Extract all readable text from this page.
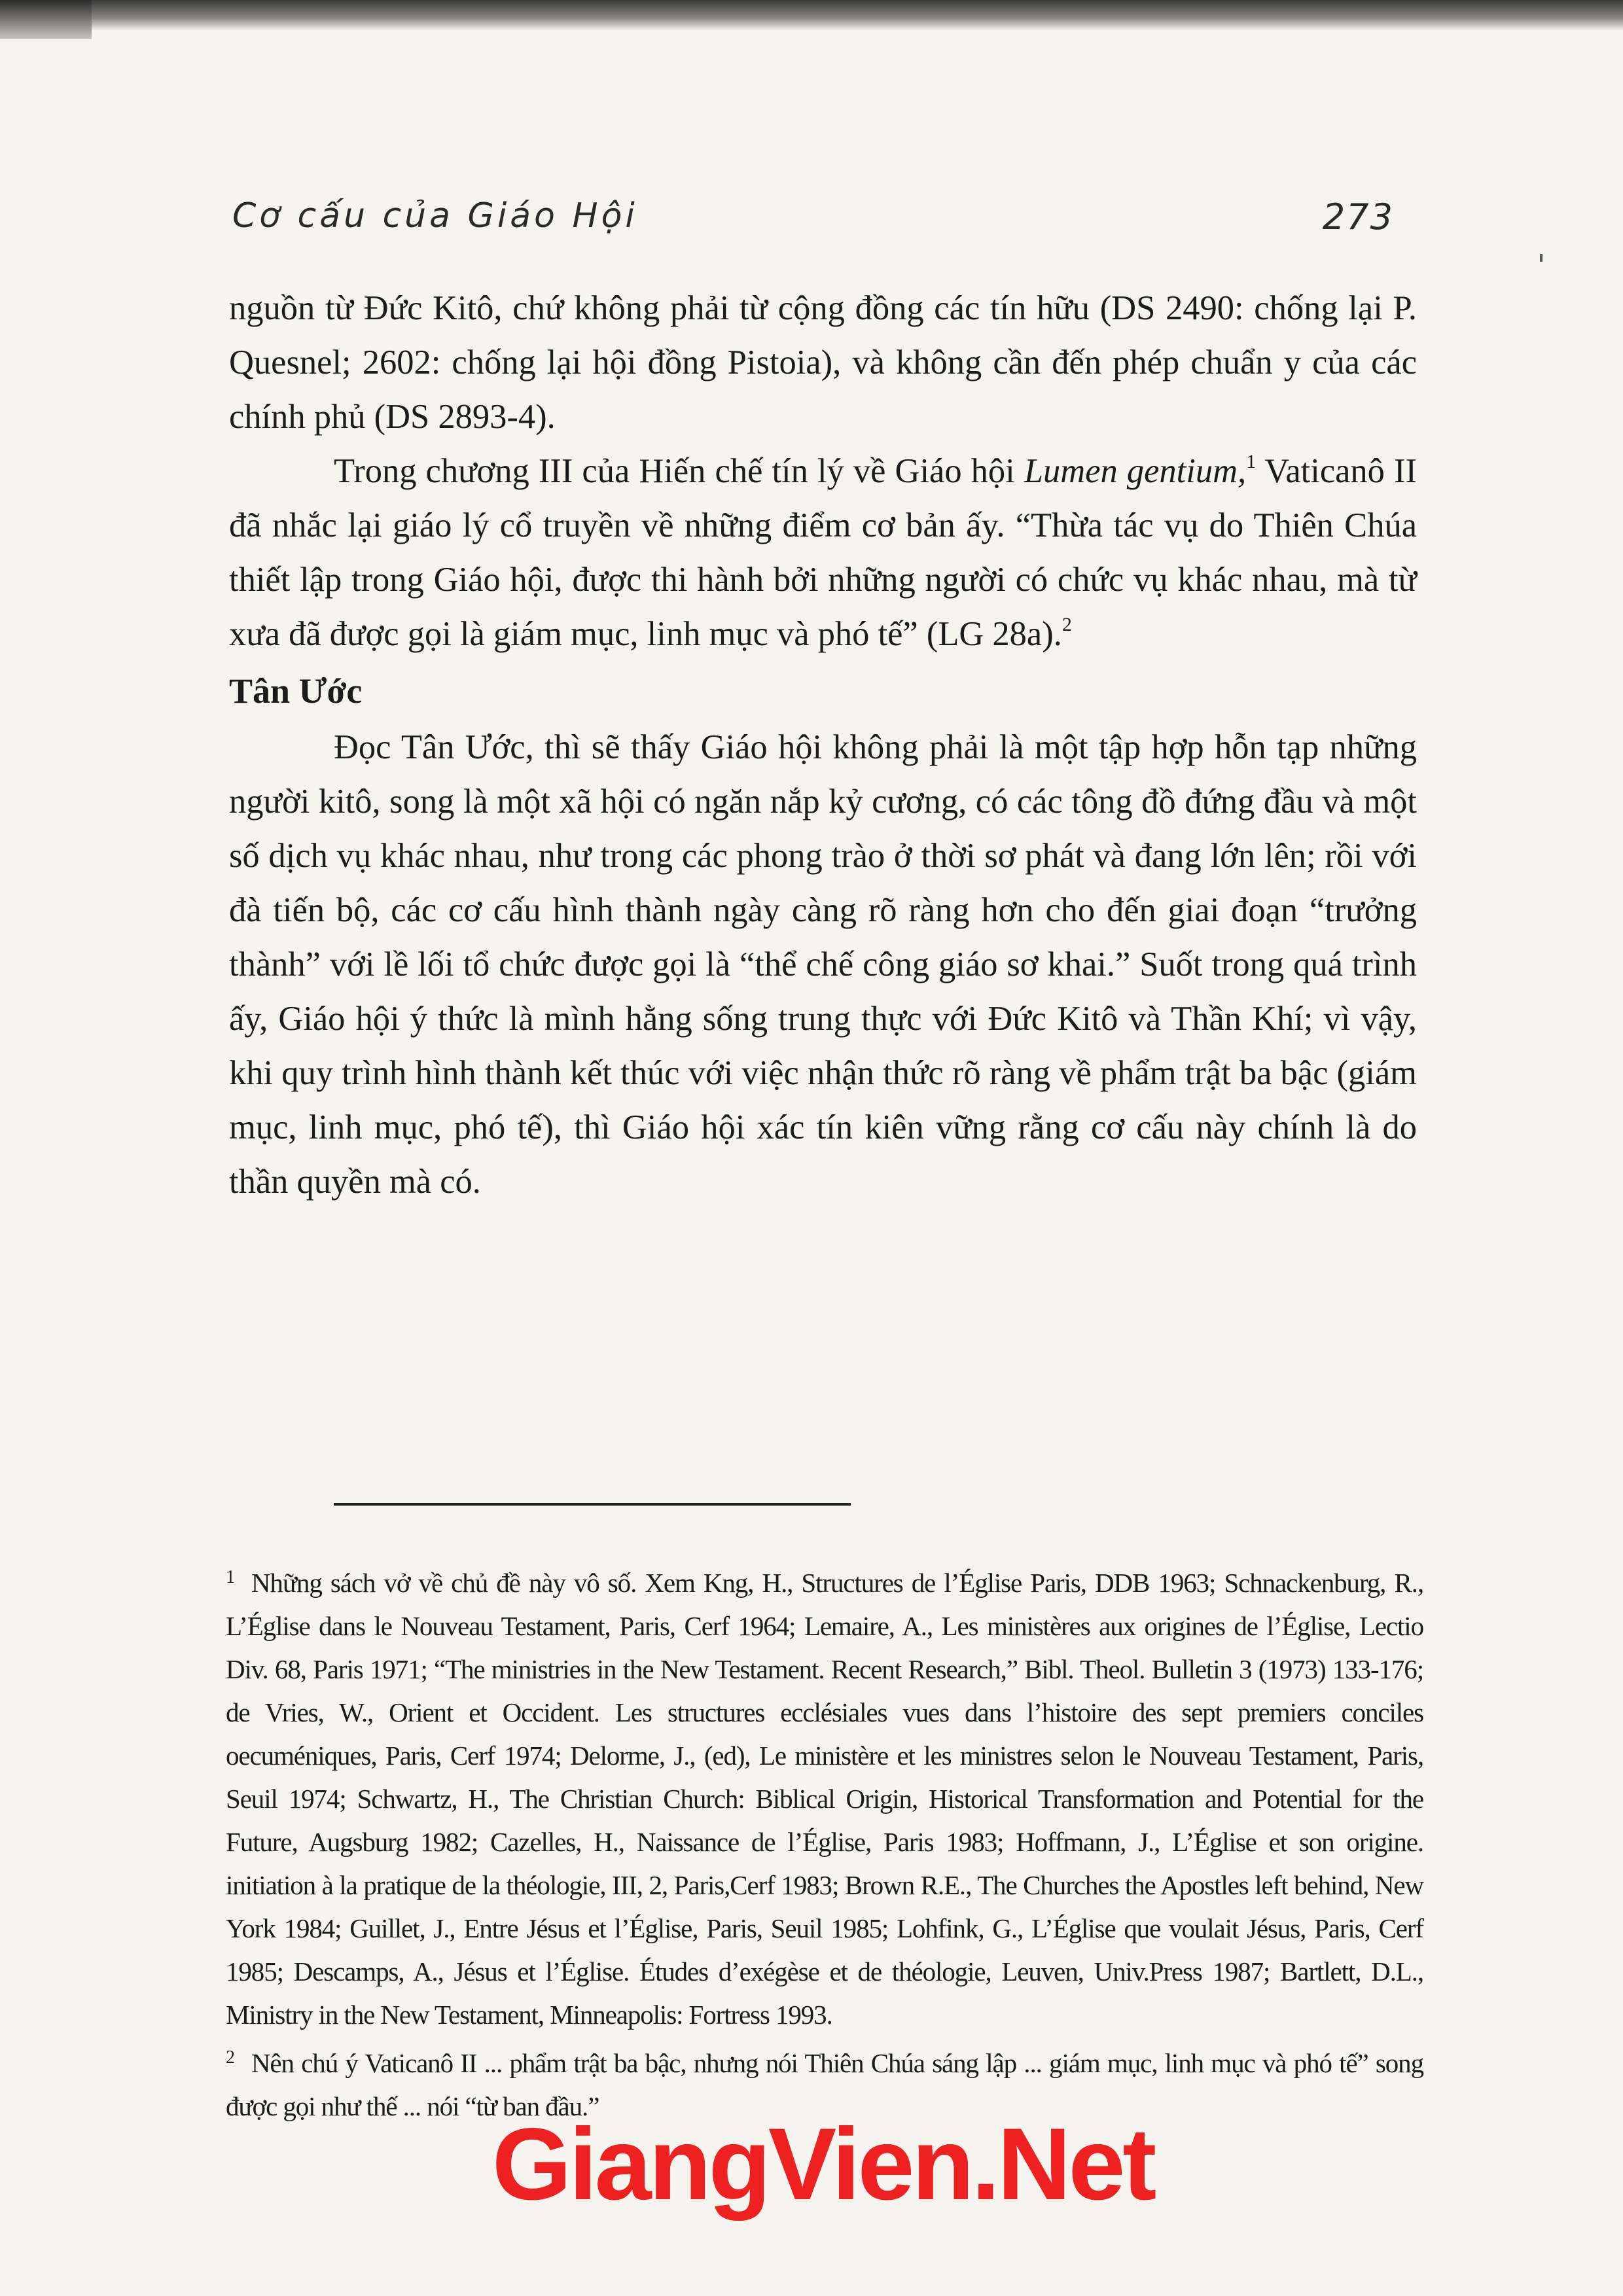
Cơ cấu của Giáo Hội	273

nguồn từ Đức Kitô, chứ không phải từ cộng đồng các tín hữu (DS 2490: chống lại P. Quesnel; 2602: chống lại hội đồng Pistoia), và không cần đến phép chuẩn y của các chính phủ (DS 2893-4).

Trong chương III của Hiến chế tín lý về Giáo hội Lumen gentium,$^1$ Vaticanô II đã nhắc lại giáo lý cổ truyền về những điểm cơ bản ấy. “Thừa tác vụ do Thiên Chúa thiết lập trong Giáo hội, được thi hành bởi những người có chức vụ khác nhau, mà từ xưa đã được gọi là giám mục, linh mục và phó tế” (LG 28a).$^2$

Tân Ước

Đọc Tân Ước, thì sẽ thấy Giáo hội không phải là một tập hợp hỗn tạp những người kitô, song là một xã hội có ngăn nắp kỷ cương, có các tông đồ đứng đầu và một số dịch vụ khác nhau, như trong các phong trào ở thời sơ phát và đang lớn lên; rồi với đà tiến bộ, các cơ cấu hình thành ngày càng rõ ràng hơn cho đến giai đoạn “trưởng thành” với lề lối tổ chức được gọi là “thể chế công giáo sơ khai.” Suốt trong quá trình ấy, Giáo hội ý thức là mình hằng sống trung thực với Đức Kitô và Thần Khí; vì vậy, khi quy trình hình thành kết thúc với việc nhận thức rõ ràng về phẩm trật ba bậc (giám mục, linh mục, phó tế), thì Giáo hội xác tín kiên vững rằng cơ cấu này chính là do thần quyền mà có.

$^1$ Những sách vở về chủ đề này vô số. Xem Kng, H., Structures de l’Église Paris, DDB 1963; Schnackenburg, R., L’Église dans le Nouveau Testament, Paris, Cerf 1964; Lemaire, A., Les ministères aux origines de l’Église, Lectio Div. 68, Paris 1971; “The ministries in the New Testament. Recent Research,” Bibl. Theol. Bulletin 3 (1973) 133-176; de Vries, W., Orient et Occident. Les structures ecclésiales vues dans l’histoire des sept premiers conciles oecuméniques, Paris, Cerf 1974; Delorme, J., (ed), Le ministère et les ministres selon le Nouveau Testament, Paris, Seuil 1974; Schwartz, H., The Christian Church: Biblical Origin, Historical Transformation and Potential for the Future, Augsburg 1982; Cazelles, H., Naissance de l’Église, Paris 1983; Hoffmann, J., L’Église et son origine. initiation à la pratique de la théologie, III, 2, Paris,Cerf 1983; Brown R.E., The Churches the Apostles left behind, New York 1984; Guillet, J., Entre Jésus et l’Église, Paris, Seuil 1985; Lohfink, G., L’Église que voulait Jésus, Paris, Cerf 1985; Descamps, A., Jésus et l’Église. Études d’exégèse et de théologie, Leuven, Univ.Press 1987; Bartlett, D.L., Ministry in the New Testament, Minneapolis: Fortress 1993.

$^2$ Nên chú ý Vaticanô II ... phẩm trật ba bậc, nhưng nói Thiên Chúa sáng lập ... giám mục, linh mục và phó tế” song được gọi như thế ... nói “từ ban đầu.”

GiangVien.Net
